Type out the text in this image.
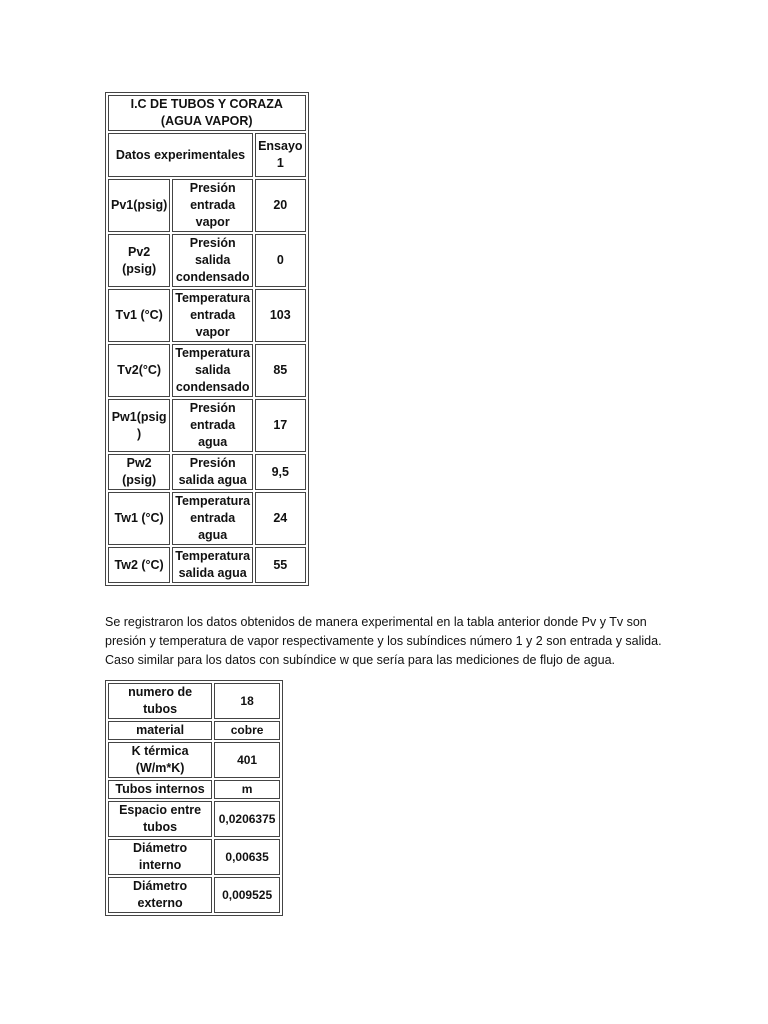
I.C DE TUBOS Y CORAZA (AGUA VAPOR)		
Datos experimentales		Ensayo 1
Pv1(psig)	Presión entrada vapor	20
Pv2 (psig)	Presión salida condensado	0
Tv1 (°C)	Temperatura entrada vapor	103
Tv2(°C)	Temperatura salida condensado	85
Pw1(psig )	Presión entrada agua	17
Pw2 (psig)	Presión salida agua	9,5
Tw1 (°C)	Temperatura entrada agua	24
Tw2 (°C)	Temperatura salida agua	55

Se registraron los datos obtenidos de manera experimental en la tabla anterior donde Pv y Tv son presión y temperatura de vapor respectivamente y los subíndices número 1 y 2 son entrada y salida. Caso similar para los datos con subíndice w que sería para las mediciones de flujo de agua.

numero de tubos	18
material	cobre
K térmica (W/m*K)	401
Tubos internos	m
Espacio entre tubos	0,0206375
Diámetro interno	0,00635
Diámetro externo	0,009525
